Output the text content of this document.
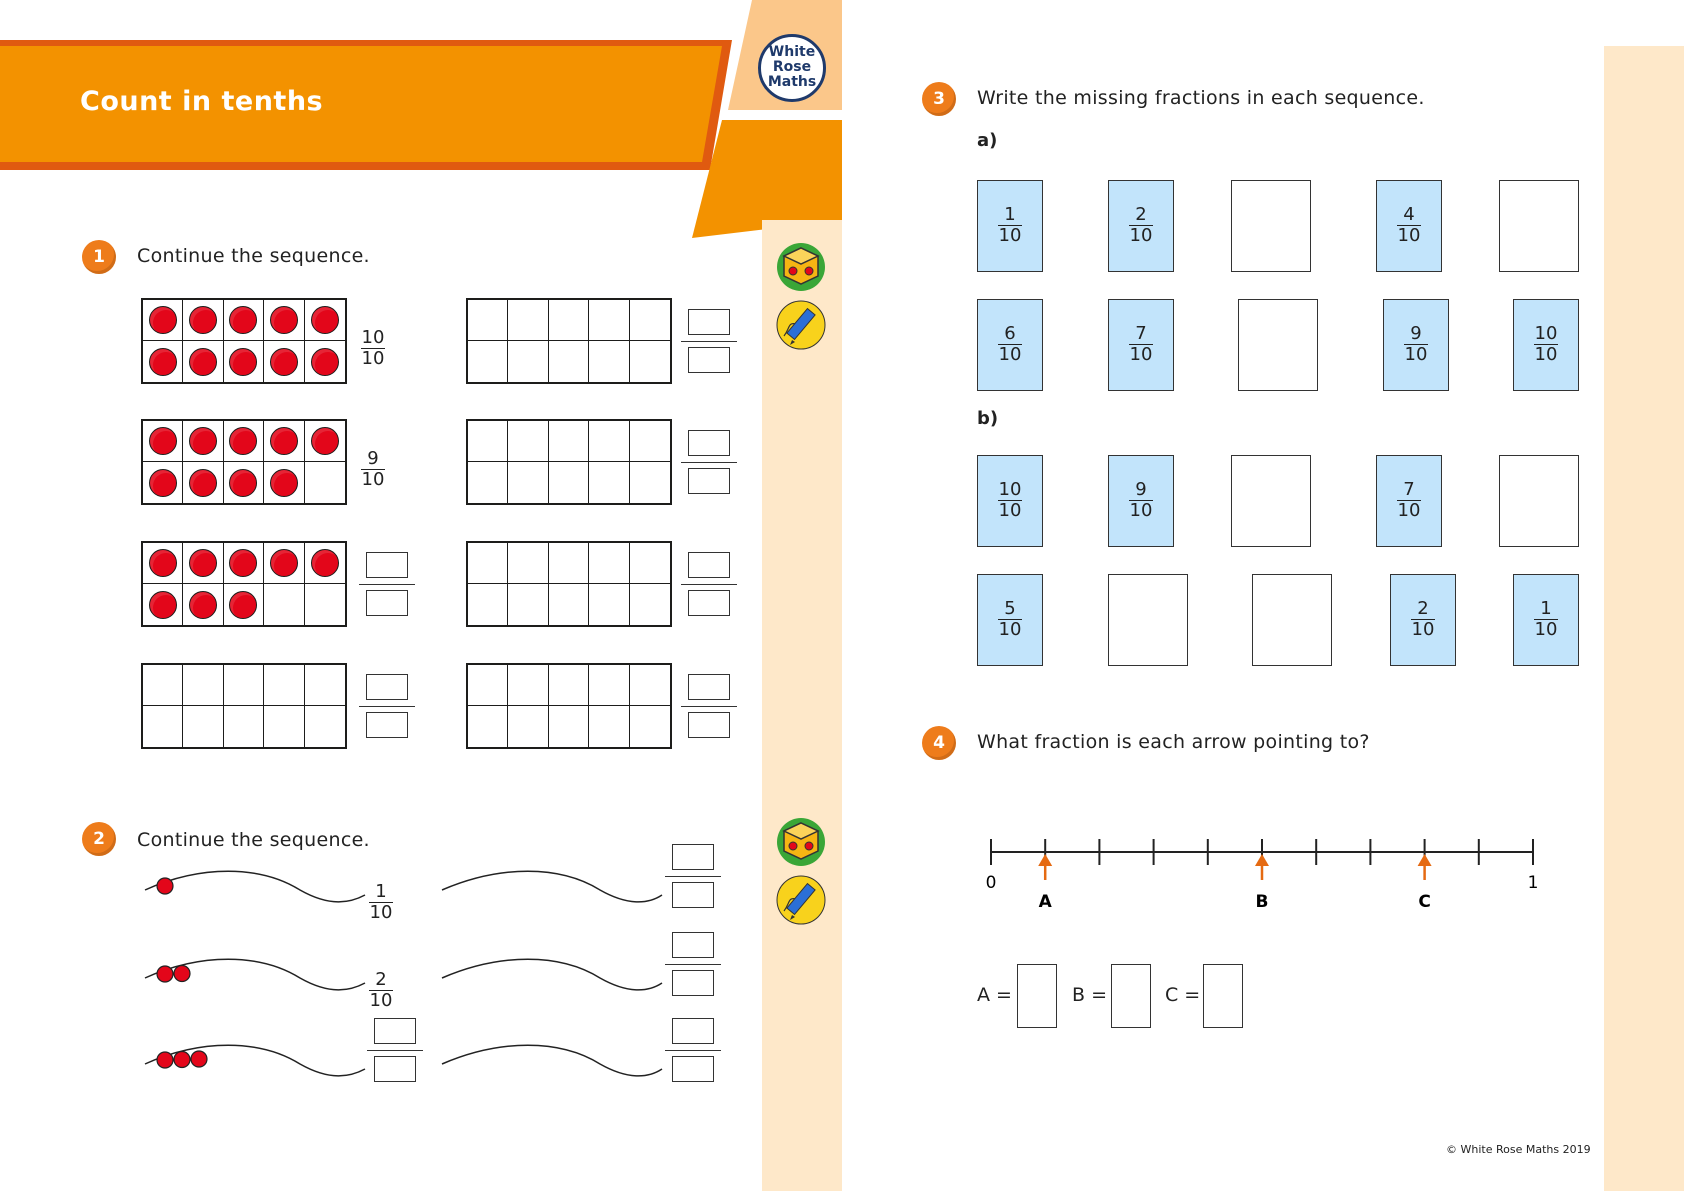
Count in tenths
White
Rose
Maths
1	Continue the sequence.
10
10
9
10
2	Continue the sequence.
1
10
2
10
3	Write the missing fractions in each sequence.
a)
b)
1
10
2
10
4
10
6
10
7
10
9
10
10
10
10
10
9
10
7
10
5
10
2
10
1
10
4	What fraction is each arrow pointing to?
A	B	C
0	1
A =	B =	C =
© White Rose Maths 2019
